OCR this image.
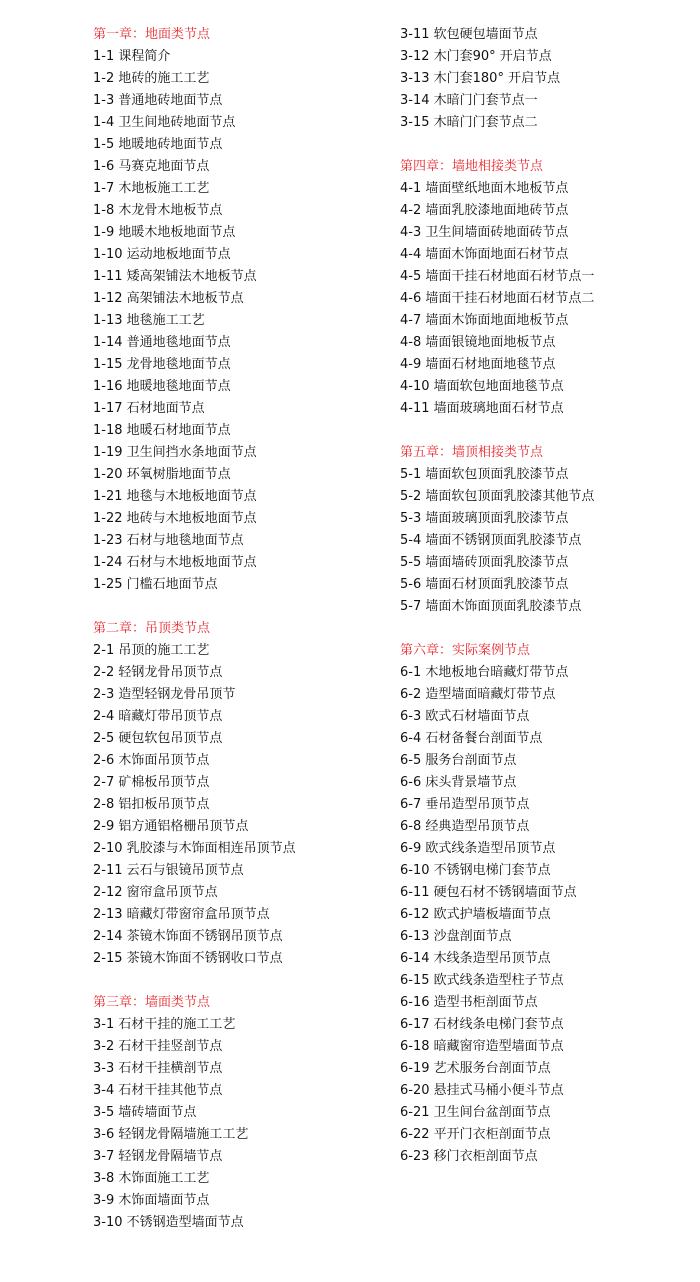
第一章：地面类节点
1-1 课程简介
1-2 地砖的施工工艺
1-3 普通地砖地面节点
1-4 卫生间地砖地面节点
1-5 地暖地砖地面节点
1-6 马赛克地面节点
1-7 木地板施工工艺
1-8 木龙骨木地板节点
1-9 地暖木地板地面节点
1-10 运动地板地面节点
1-11 矮高架铺法木地板节点
1-12 高架铺法木地板节点
1-13 地毯施工工艺
1-14 普通地毯地面节点
1-15 龙骨地毯地面节点
1-16 地暖地毯地面节点
1-17 石材地面节点
1-18 地暖石材地面节点
1-19 卫生间挡水条地面节点
1-20 环氧树脂地面节点
1-21 地毯与木地板地面节点
1-22 地砖与木地板地面节点
1-23 石材与地毯地面节点
1-24 石材与木地板地面节点
1-25 门槛石地面节点
第二章：吊顶类节点
2-1 吊顶的施工工艺
2-2 轻钢龙骨吊顶节点
2-3 造型轻钢龙骨吊顶节
2-4 暗藏灯带吊顶节点
2-5 硬包软包吊顶节点
2-6 木饰面吊顶节点
2-7 矿棉板吊顶节点
2-8 铝扣板吊顶节点
2-9 铝方通铝格栅吊顶节点
2-10 乳胶漆与木饰面相连吊顶节点
2-11 云石与银镜吊顶节点
2-12 窗帘盒吊顶节点
2-13 暗藏灯带窗帘盒吊顶节点
2-14 茶镜木饰面不锈钢吊顶节点
2-15 茶镜木饰面不锈钢收口节点
第三章：墙面类节点
3-1 石材干挂的施工工艺
3-2 石材干挂竖剖节点
3-3 石材干挂横剖节点
3-4 石材干挂其他节点
3-5 墙砖墙面节点
3-6 轻钢龙骨隔墙施工工艺
3-7 轻钢龙骨隔墙节点
3-8 木饰面施工工艺
3-9 木饰面墙面节点
3-10 不锈钢造型墙面节点
3-11 软包硬包墙面节点
3-12 木门套90° 开启节点
3-13 木门套180° 开启节点
3-14 木暗门门套节点一
3-15 木暗门门套节点二
第四章：墙地相接类节点
4-1 墙面壁纸地面木地板节点
4-2 墙面乳胶漆地面地砖节点
4-3 卫生间墙面砖地面砖节点
4-4 墙面木饰面地面石材节点
4-5 墙面干挂石材地面石材节点一
4-6 墙面干挂石材地面石材节点二
4-7 墙面木饰面地面地板节点
4-8 墙面银镜地面地板节点
4-9 墙面石材地面地毯节点
4-10 墙面软包地面地毯节点
4-11 墙面玻璃地面石材节点
第五章：墙顶相接类节点
5-1 墙面软包顶面乳胶漆节点
5-2 墙面软包顶面乳胶漆其他节点
5-3 墙面玻璃顶面乳胶漆节点
5-4 墙面不锈钢顶面乳胶漆节点
5-5 墙面墙砖顶面乳胶漆节点
5-6 墙面石材顶面乳胶漆节点
5-7 墙面木饰面顶面乳胶漆节点
第六章：实际案例节点
6-1 木地板地台暗藏灯带节点
6-2 造型墙面暗藏灯带节点
6-3 欧式石材墙面节点
6-4 石材备餐台剖面节点
6-5 服务台剖面节点
6-6 床头背景墙节点
6-7 垂吊造型吊顶节点
6-8 经典造型吊顶节点
6-9 欧式线条造型吊顶节点
6-10 不锈钢电梯门套节点
6-11 硬包石材不锈钢墙面节点
6-12 欧式护墙板墙面节点
6-13 沙盘剖面节点
6-14 木线条造型吊顶节点
6-15 欧式线条造型柱子节点
6-16 造型书柜剖面节点
6-17 石材线条电梯门套节点
6-18 暗藏窗帘造型墙面节点
6-19 艺术服务台剖面节点
6-20 悬挂式马桶小便斗节点
6-21 卫生间台盆剖面节点
6-22 平开门衣柜剖面节点
6-23 移门衣柜剖面节点
